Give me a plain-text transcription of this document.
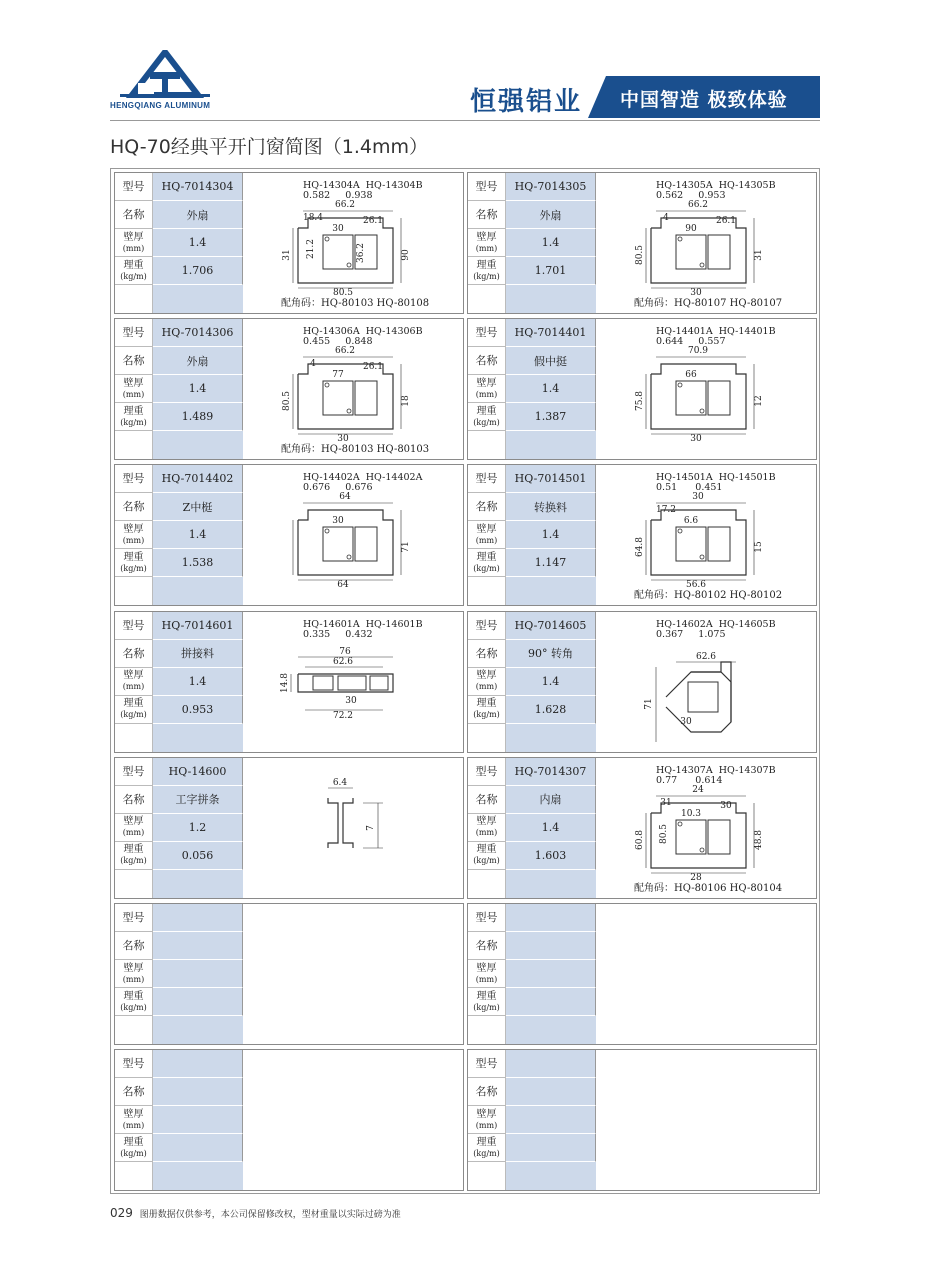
HENGQIANG ALUMINUM	恒强铝业 中国智造 极致体验
HQ-70经典平开门窗简图（1.4mm）
型号	HQ-7014304
名称	外扇
壁厚
(mm)	1.4
理重
(kg/m)	1.706
HQ-14304A  HQ-14304B
0.582     0.938
配角码：HQ-80103 HQ-80108
66.2
80.5
30
90
31
18.4	26.1
21.2	36.2
型号	HQ-7014305
名称	外扇
壁厚
(mm)	1.4
理重
(kg/m)	1.701
HQ-14305A  HQ-14305B
0.562     0.953
配角码：HQ-80107 HQ-80107
66.2
30
90
31
80.5
4	26.1
型号	HQ-7014306
名称	外扇
壁厚
(mm)	1.4
理重
(kg/m)	1.489
HQ-14306A  HQ-14306B
0.455     0.848
配角码：HQ-80103 HQ-80103
66.2
30
77
18
80.5
4	26.1
型号	HQ-7014401
名称	假中挺
壁厚
(mm)	1.4
理重
(kg/m)	1.387
HQ-14401A  HQ-14401B
0.644     0.557
70.9
30
66
12
75.8
型号	HQ-7014402
名称	Z中梃
壁厚
(mm)	1.4
理重
(kg/m)	1.538
HQ-14402A  HQ-14402A
0.676     0.676
64
64
30
71
型号	HQ-7014501
名称	转换料
壁厚
(mm)	1.4
理重
(kg/m)	1.147
HQ-14501A  HQ-14501B
0.51      0.451
配角码：HQ-80102 HQ-80102
30
56.6
6.6
15
64.8
17.2
型号	HQ-7014601
名称	拼接料
壁厚
(mm)	1.4
理重
(kg/m)	0.953
HQ-14601A  HQ-14601B
0.335     0.432
76
62.6
14.8
30
72.2
型号	HQ-7014605
名称	90° 转角
壁厚
(mm)	1.4
理重
(kg/m)	1.628
HQ-14602A  HQ-14605B
0.367     1.075
62.6
71
30
型号	HQ-14600
名称	工字拼条
壁厚
(mm)	1.2
理重
(kg/m)	0.056
6.4
7
型号	HQ-7014307
名称	内扇
壁厚
(mm)	1.4
理重
(kg/m)	1.603
HQ-14307A  HQ-14307B
0.77      0.614
配角码：HQ-80106 HQ-80104
24
28
10.3
48.8
60.8
31	30
80.5
型号
名称
壁厚
(mm)
理重
(kg/m)
型号
名称
壁厚
(mm)
理重
(kg/m)
型号
名称
壁厚
(mm)
理重
(kg/m)
型号
名称
壁厚
(mm)
理重
(kg/m)
029 图册数据仅供参考，本公司保留修改权，型材重量以实际过磅为准
